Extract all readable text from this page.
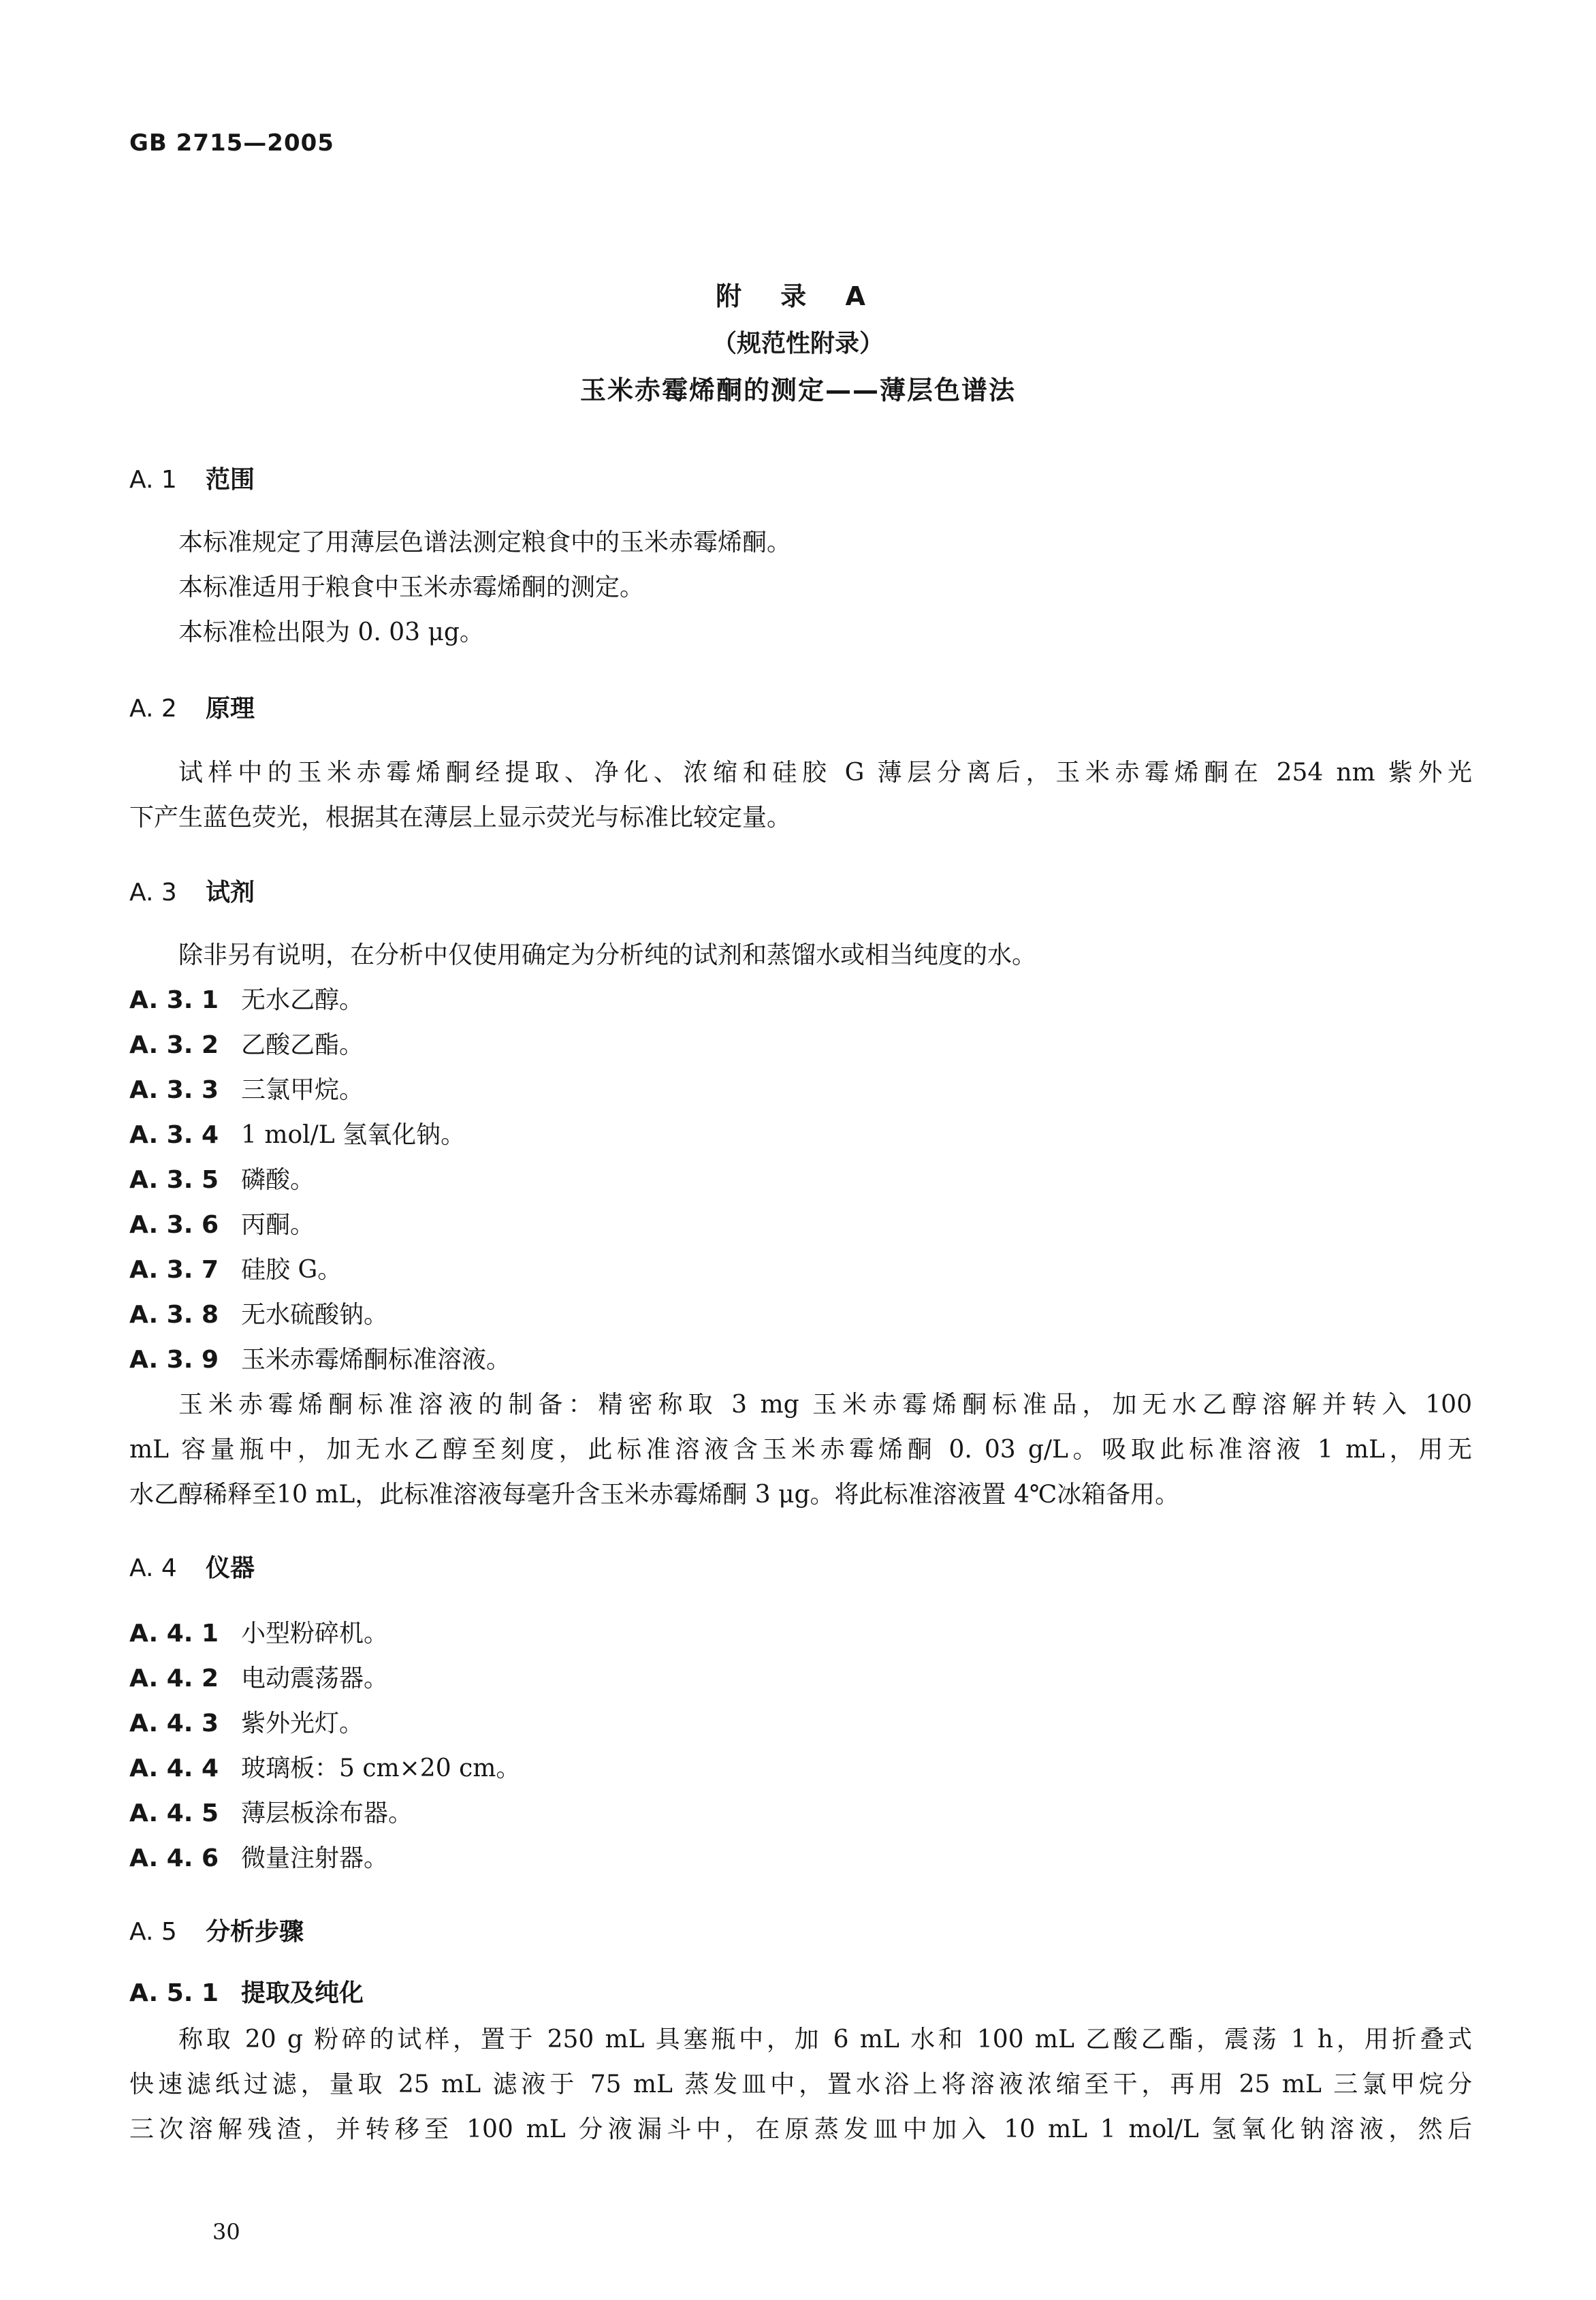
GB 2715—2005
附 录 A
（规范性附录）
玉米赤霉烯酮的测定——薄层色谱法
A. 1 范围
本标准规定了用薄层色谱法测定粮食中的玉米赤霉烯酮。
本标准适用于粮食中玉米赤霉烯酮的测定。
本标准检出限为 0. 03 μg。
A. 2 原理
试样中的玉米赤霉烯酮经提取、净化、浓缩和硅胶 G 薄层分离后，玉米赤霉烯酮在 254 nm 紫外光
下产生蓝色荧光，根据其在薄层上显示荧光与标准比较定量。
A. 3 试剂
除非另有说明，在分析中仅使用确定为分析纯的试剂和蒸馏水或相当纯度的水。
A. 3. 1 无水乙醇。
A. 3. 2 乙酸乙酯。
A. 3. 3 三氯甲烷。
A. 3. 4 1 mol/L 氢氧化钠。
A. 3. 5 磷酸。
A. 3. 6 丙酮。
A. 3. 7 硅胶 G。
A. 3. 8 无水硫酸钠。
A. 3. 9 玉米赤霉烯酮标准溶液。
玉米赤霉烯酮标准溶液的制备：精密称取 3 mg 玉米赤霉烯酮标准品，加无水乙醇溶解并转入 100
mL 容量瓶中，加无水乙醇至刻度，此标准溶液含玉米赤霉烯酮 0. 03 g/L。吸取此标准溶液 1 mL，用无
水乙醇稀释至10 mL，此标准溶液每毫升含玉米赤霉烯酮 3 μg。将此标准溶液置 4℃冰箱备用。
A. 4 仪器
A. 4. 1 小型粉碎机。
A. 4. 2 电动震荡器。
A. 4. 3 紫外光灯。
A. 4. 4 玻璃板：5 cm×20 cm。
A. 4. 5 薄层板涂布器。
A. 4. 6 微量注射器。
A. 5 分析步骤
A. 5. 1 提取及纯化
称取 20 g 粉碎的试样，置于 250 mL 具塞瓶中，加 6 mL 水和 100 mL 乙酸乙酯，震荡 1 h，用折叠式
快速滤纸过滤，量取 25 mL 滤液于 75 mL 蒸发皿中，置水浴上将溶液浓缩至干，再用 25 mL 三氯甲烷分
三次溶解残渣，并转移至 100 mL 分液漏斗中，在原蒸发皿中加入 10 mL 1 mol/L 氢氧化钠溶液，然后
30
